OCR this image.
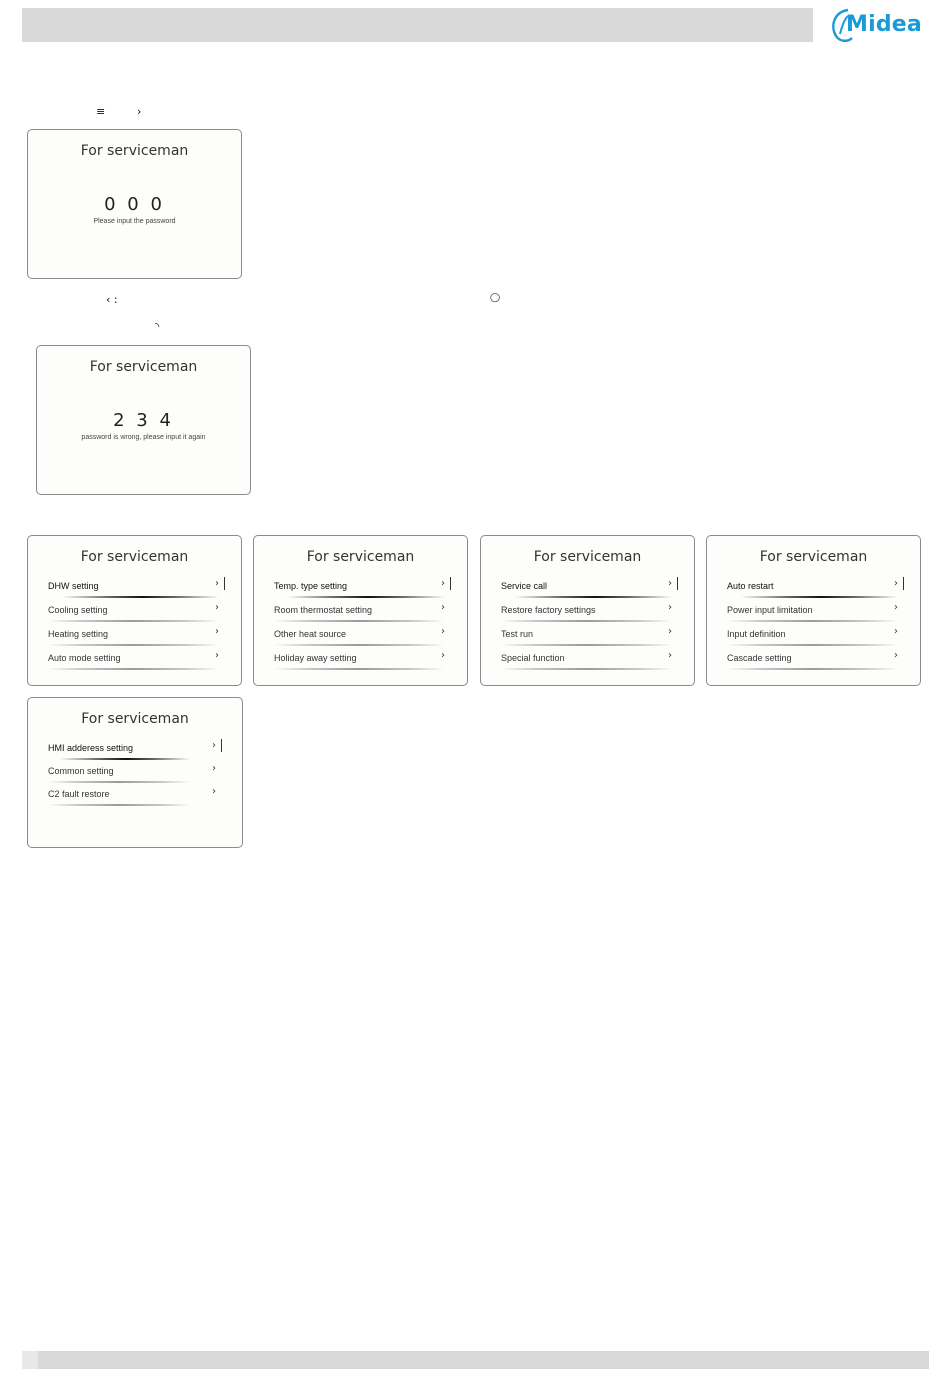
Midea
≡	›
‹ :	◯
◝
For serviceman
0 0 0
Please input the password
For serviceman
2 3 4
password is wrong, please input it again
For serviceman
DHW setting	›
Cooling setting	›
Heating setting	›
Auto mode setting	›
For serviceman
Temp. type setting	›
Room thermostat setting	›
Other heat source	›
Holiday away setting	›
For serviceman
Service call	›
Restore factory settings	›
Test run	›
Special function	›
For serviceman
Auto restart	›
Power input limitation	›
Input definition	›
Cascade setting	›
For serviceman
HMI adderess setting	›
Common setting	›
C2 fault restore	›
